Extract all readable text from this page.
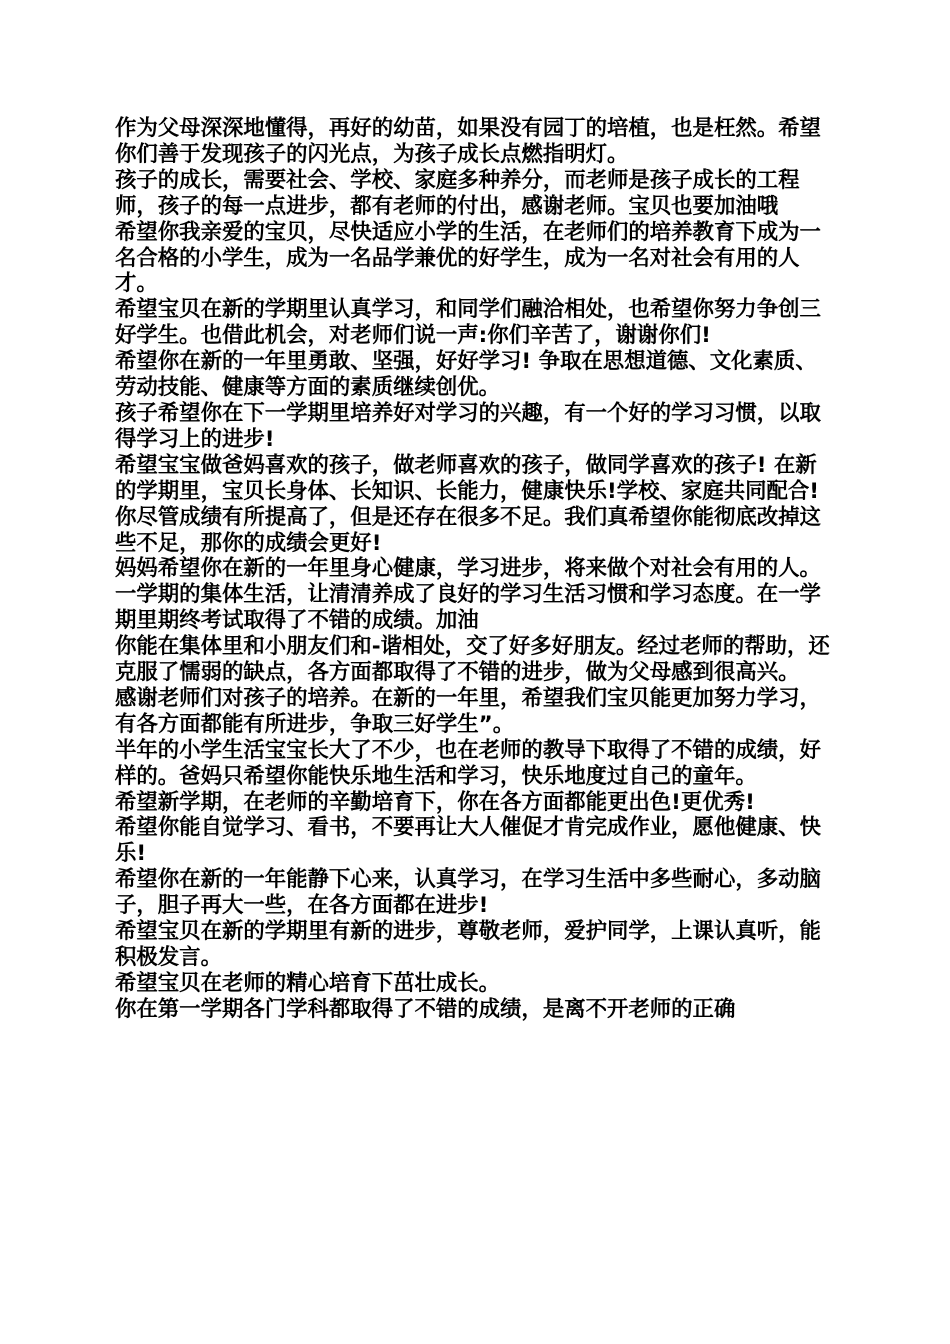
作为父母深深地懂得，再好的幼苗，如果没有园丁的培植，也是枉然。希望你们善于发现孩子的闪光点，为孩子成长点燃指明灯。

孩子的成长，需要社会、学校、家庭多种养分，而老师是孩子成长的工程师，孩子的每一点进步，都有老师的付出，感谢老师。宝贝也要加油哦

希望你我亲爱的宝贝，尽快适应小学的生活，在老师们的培养教育下成为一名合格的小学生，成为一名品学兼优的好学生，成为一名对社会有用的人才。

希望宝贝在新的学期里认真学习，和同学们融洽相处，也希望你努力争创三好学生。也借此机会，对老师们说一声:你们辛苦了，谢谢你们!

希望你在新的一年里勇敢、坚强，好好学习! 争取在思想道德、文化素质、劳动技能、健康等方面的素质继续创优。

孩子希望你在下一学期里培养好对学习的兴趣，有一个好的学习习惯，以取得学习上的进步!

希望宝宝做爸妈喜欢的孩子，做老师喜欢的孩子，做同学喜欢的孩子! 在新的学期里，宝贝长身体、长知识、长能力，健康快乐!学校、家庭共同配合!

你尽管成绩有所提高了，但是还存在很多不足。我们真希望你能彻底改掉这些不足，那你的成绩会更好!

妈妈希望你在新的一年里身心健康，学习进步，将来做个对社会有用的人。 一学期的集体生活，让清清养成了良好的学习生活习惯和学习态度。在一学期里期终考试取得了不错的成绩。加油

你能在集体里和小朋友们和-谐相处，交了好多好朋友。经过老师的帮助，还克服了懦弱的缺点，各方面都取得了不错的进步，做为父母感到很高兴。

感谢老师们对孩子的培养。在新的一年里，希望我们宝贝能更加努力学习，有各方面都能有所进步，争取三好学生”。

半年的小学生活宝宝长大了不少，也在老师的教导下取得了不错的成绩，好样的。爸妈只希望你能快乐地生活和学习，快乐地度过自己的童年。

希望新学期，在老师的辛勤培育下，你在各方面都能更出色!更优秀!

希望你能自觉学习、看书，不要再让大人催促才肯完成作业，愿他健康、快乐!

希望你在新的一年能静下心来，认真学习，在学习生活中多些耐心，多动脑子，胆子再大一些，在各方面都在进步!

希望宝贝在新的学期里有新的进步，尊敬老师，爱护同学，上课认真听，能积极发言。

希望宝贝在老师的精心培育下茁壮成长。

你在第一学期各门学科都取得了不错的成绩，是离不开老师的正确
